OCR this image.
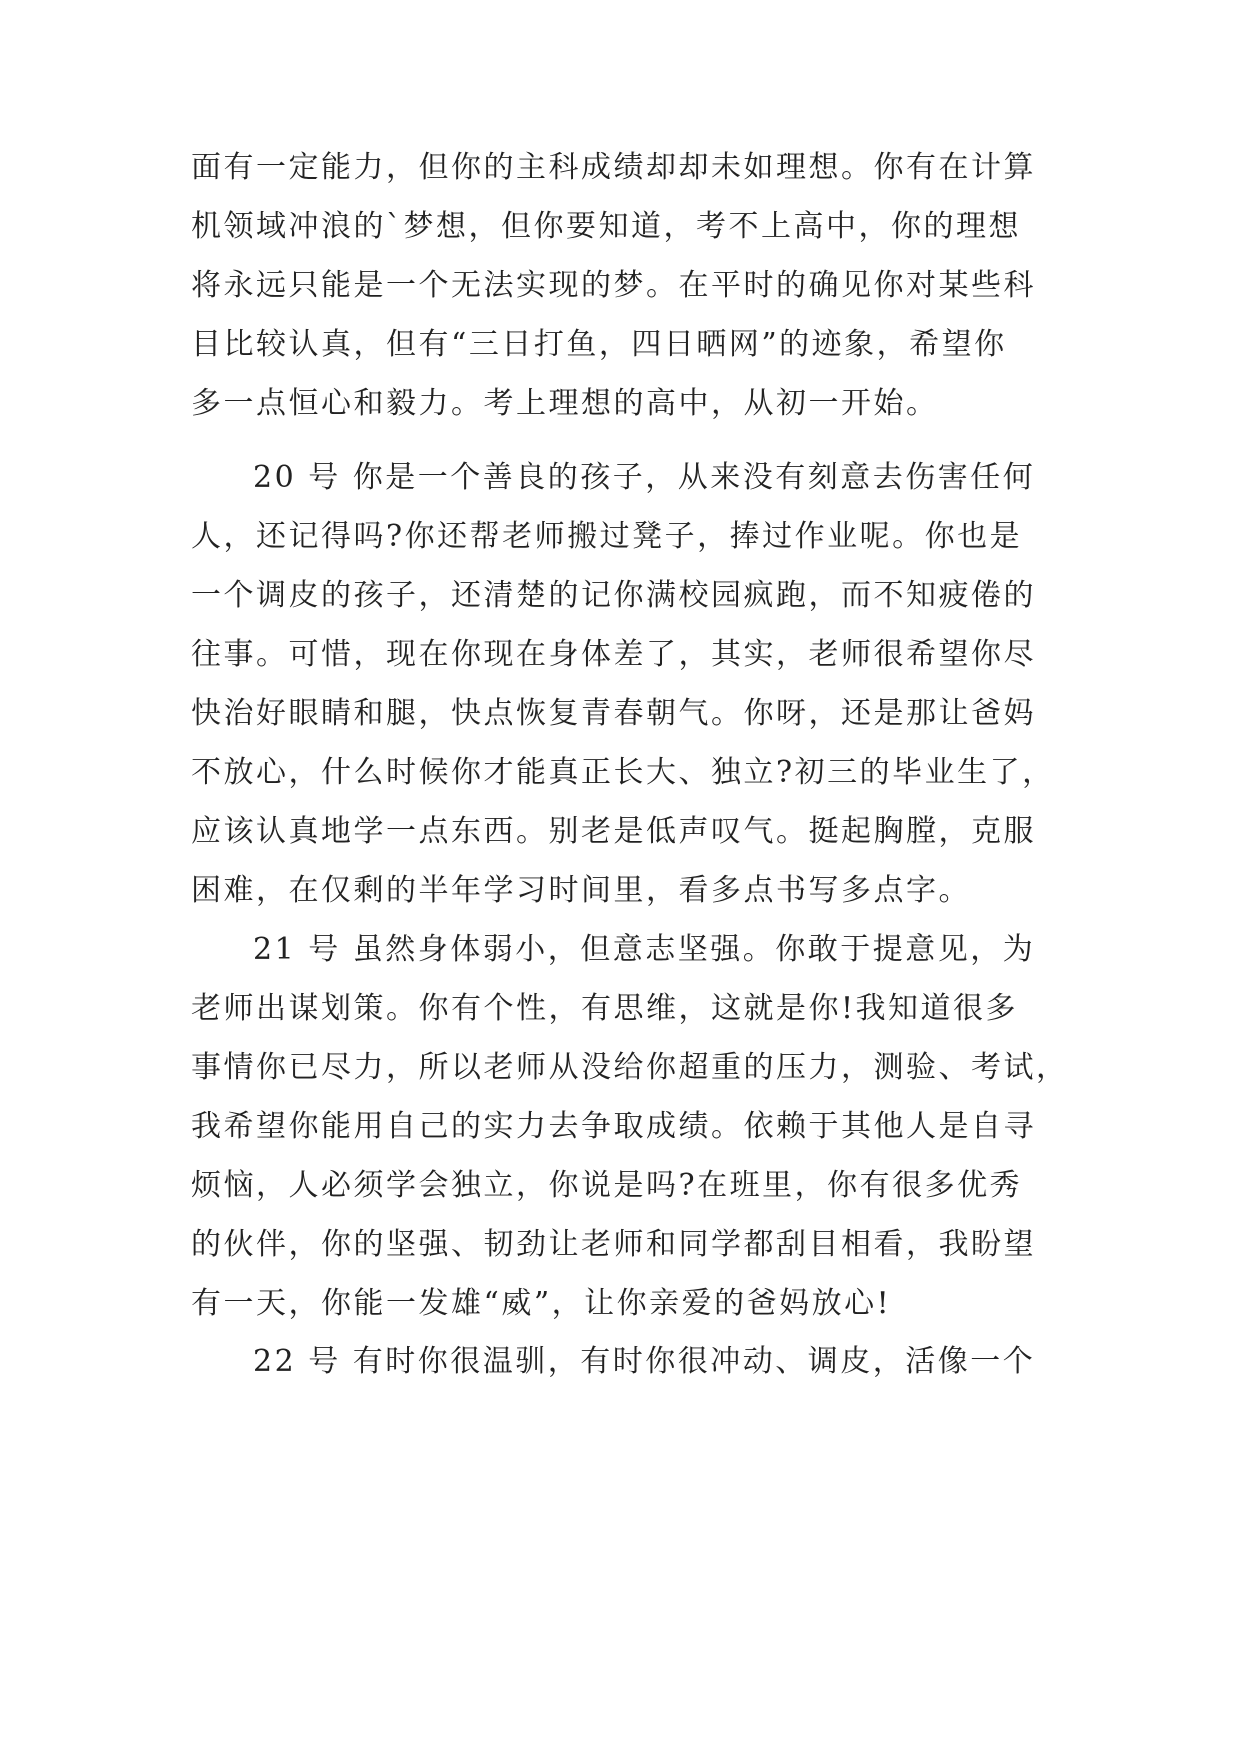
面有一定能力，但你的主科成绩却却未如理想。你有在计算
机领域冲浪的`梦想，但你要知道，考不上高中，你的理想
将永远只能是一个无法实现的梦。在平时的确见你对某些科
目比较认真，但有“三日打鱼，四日晒网”的迹象，希望你
多一点恒心和毅力。考上理想的高中，从初一开始。
20 号 你是一个善良的孩子，从来没有刻意去伤害任何
人，还记得吗?你还帮老师搬过凳子，捧过作业呢。你也是
一个调皮的孩子，还清楚的记你满校园疯跑，而不知疲倦的
往事。可惜，现在你现在身体差了，其实，老师很希望你尽
快治好眼睛和腿，快点恢复青春朝气。你呀，还是那让爸妈
不放心，什么时候你才能真正长大、独立?初三的毕业生了，
应该认真地学一点东西。别老是低声叹气。挺起胸膛，克服
困难，在仅剩的半年学习时间里，看多点书写多点字。
21 号 虽然身体弱小，但意志坚强。你敢于提意见，为
老师出谋划策。你有个性，有思维，这就是你!我知道很多
事情你已尽力，所以老师从没给你超重的压力，测验、考试，
我希望你能用自己的实力去争取成绩。依赖于其他人是自寻
烦恼，人必须学会独立，你说是吗?在班里，你有很多优秀
的伙伴，你的坚强、韧劲让老师和同学都刮目相看，我盼望
有一天，你能一发雄“威”，让你亲爱的爸妈放心!
22 号 有时你很温驯，有时你很冲动、调皮，活像一个
